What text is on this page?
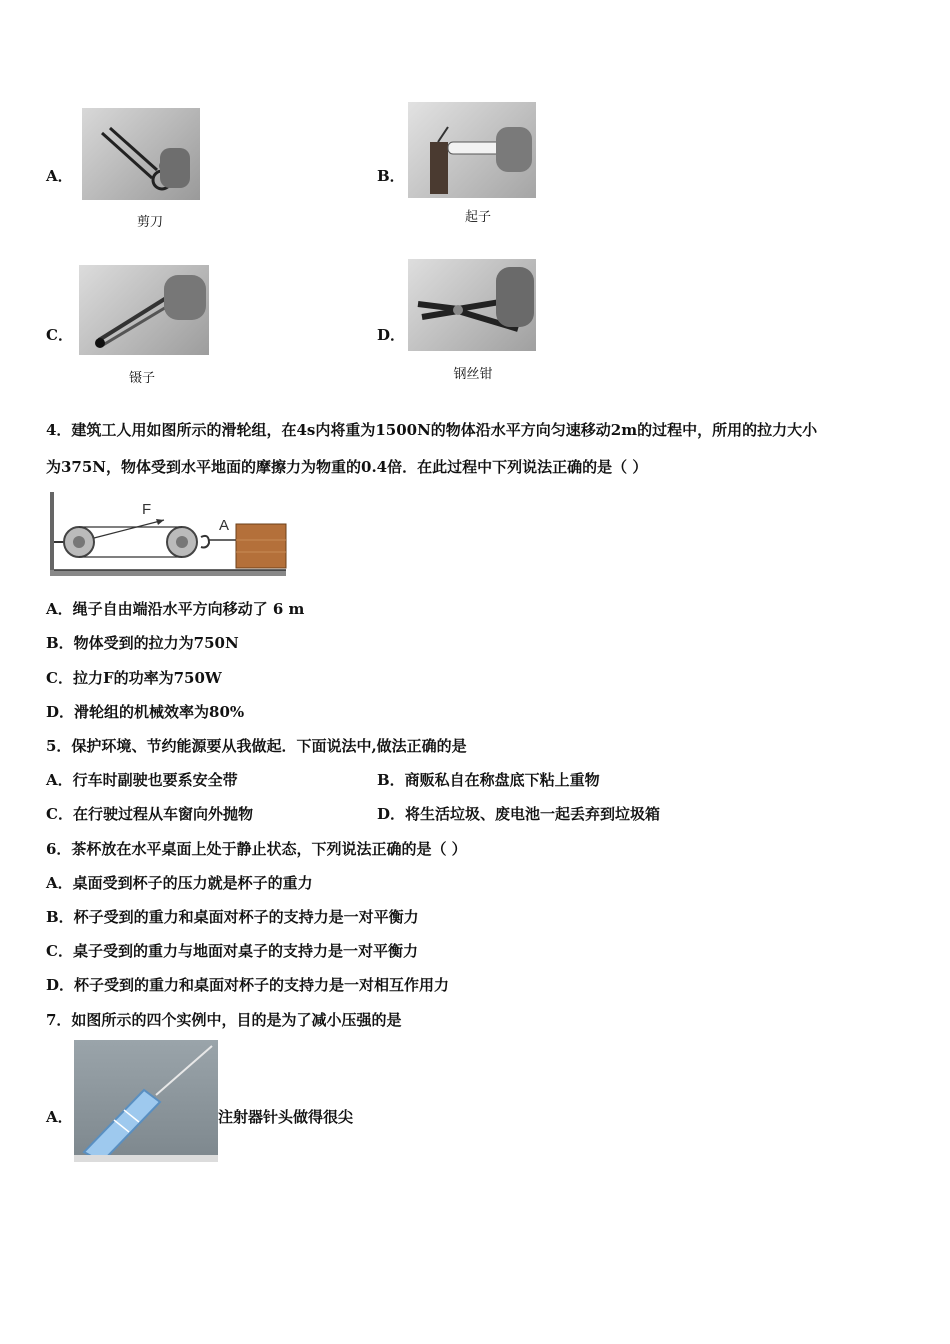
A．
剪刀
B．
起子
C．
镊子
D．
钢丝钳
4．建筑工人用如图所示的滑轮组，在4s内将重为1500N的物体沿水平方向匀速移动2m的过程中，所用的拉力大小
为375N，物体受到水平地面的摩擦力为物重的0.4倍．在此过程中下列说法正确的是（ ）
F
A
A．绳子自由端沿水平方向移动了 6 m
B．物体受到的拉力为750N
C．拉力F的功率为750W
D．滑轮组的机械效率为80%
5．保护环境、节约能源要从我做起．下面说法中,做法正确的是
A．行车时副驶也要系安全带	B．商贩私自在称盘底下粘上重物
C．在行驶过程从车窗向外抛物	D．将生活垃圾、废电池一起丢弃到垃圾箱
6．茶杯放在水平桌面上处于静止状态，下列说法正确的是（ ）
A．桌面受到杯子的压力就是杯子的重力
B．杯子受到的重力和桌面对杯子的支持力是一对平衡力
C．桌子受到的重力与地面对桌子的支持力是一对平衡力
D．杯子受到的重力和桌面对杯子的支持力是一对相互作用力
7．如图所示的四个实例中，目的是为了减小压强的是
A．	注射器针头做得很尖
